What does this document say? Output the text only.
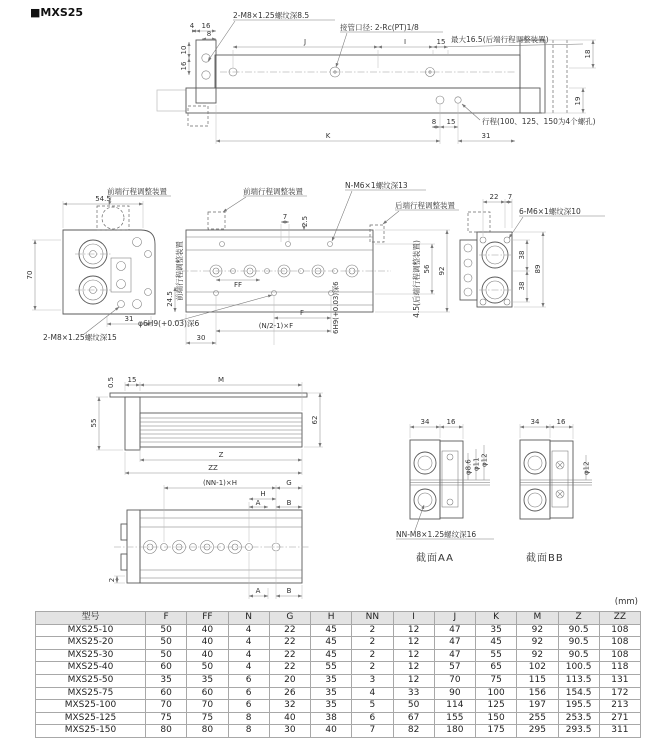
■MXS25	2-M8×1.25螺纹深8.5
接管口径: 2-Rc(PT)1/8
最大16.5(后端行程调整装置)
行程(100、125、150为4个螺孔)
4 16
8
J	I	15
10
16
18
19
8 15
K	31
前端行程调整装置
54.5
70
31
2-M8×1.25螺纹深15
前端行程调整装置
N-M6×1螺纹深13
后端行程调整装置
7 2.5
24.5 前端行程调整装置	FF
F
(N/2-1)×F
30
φ6H9(+0.03)深6	6H9(+0.03)深6
56 92
4.5(后端行程调整装置)
22 7
6-M6×1螺纹深10
38
38
89
0.5 15	M
55	62
Z
ZZ
(NN-1)×H	G
H
A	B
A	B
2
34 16
φ8.6 φ11 φ12
NN-M8×1.25螺纹深16
截面AA
34 16
φ12
截面BB
(mm)
型号	F	FF	N	G	H	NN	I	J	K	M	Z	ZZ
MXS25-10	50	40	4	22	45	2	12	47	35	92	90.5	108
MXS25-20	50	40	4	22	45	2	12	47	45	92	90.5	108
MXS25-30	50	40	4	22	45	2	12	47	55	92	90.5	108
MXS25-40	60	50	4	22	55	2	12	57	65	102	100.5	118
MXS25-50	35	35	6	20	35	3	12	70	75	115	113.5	131
MXS25-75	60	60	6	26	35	4	33	90	100	156	154.5	172
MXS25-100	70	70	6	32	35	5	50	114	125	197	195.5	213
MXS25-125	75	75	8	40	38	6	67	155	150	255	253.5	271
MXS25-150	80	80	8	30	40	7	82	180	175	295	293.5	311
